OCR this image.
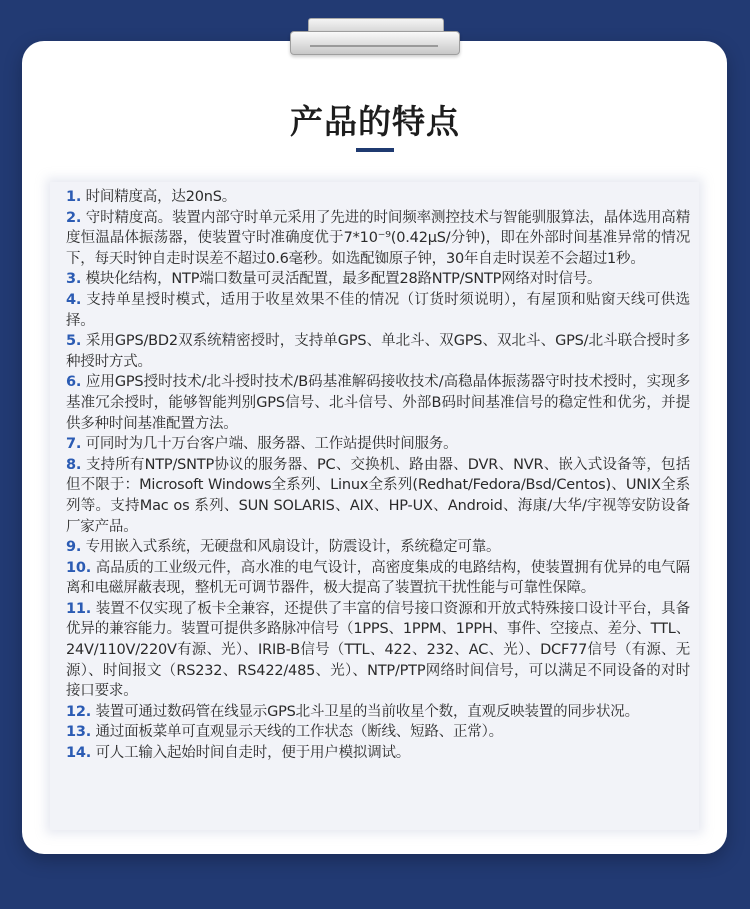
产品的特点
1. 时间精度高，达20nS。
2. 守时精度高。装置内部守时单元采用了先进的时间频率测控技术与智能驯服算法，晶体选用高精度恒温晶体振荡器，使装置守时准确度优于7*10⁻⁹(0.42μS/分钟)，即在外部时间基准异常的情况下，每天时钟自走时误差不超过0.6毫秒。如选配铷原子钟，30年自走时误差不会超过1秒。
3. 模块化结构，NTP端口数量可灵活配置，最多配置28路NTP/SNTP网络对时信号。
4. 支持单星授时模式，适用于收星效果不佳的情况（订货时须说明），有屋顶和贴窗天线可供选择。
5. 采用GPS/BD2双系统精密授时，支持单GPS、单北斗、双GPS、双北斗、GPS/北斗联合授时多种授时方式。
6. 应用GPS授时技术/北斗授时技术/B码基准解码接收技术/高稳晶体振荡器守时技术授时，实现多基准冗余授时，能够智能判别GPS信号、北斗信号、外部B码时间基准信号的稳定性和优劣，并提供多种时间基准配置方法。
7. 可同时为几十万台客户端、服务器、工作站提供时间服务。
8. 支持所有NTP/SNTP协议的服务器、PC、交换机、路由器、DVR、NVR、嵌入式设备等，包括但不限于：Microsoft Windows全系列、Linux全系列(Redhat/Fedora/Bsd/Centos)、UNIX全系列等。支持Mac os 系列、SUN SOLARIS、AIX、HP-UX、Android、海康/大华/宇视等安防设备厂家产品。
9. 专用嵌入式系统，无硬盘和风扇设计，防震设计，系统稳定可靠。
10. 高品质的工业级元件，高水准的电气设计，高密度集成的电路结构，使装置拥有优异的电气隔离和电磁屏蔽表现，整机无可调节器件，极大提高了装置抗干扰性能与可靠性保障。
11. 装置不仅实现了板卡全兼容，还提供了丰富的信号接口资源和开放式特殊接口设计平台，具备优异的兼容能力。装置可提供多路脉冲信号（1PPS、1PPM、1PPH、事件、空接点、差分、TTL、24V/110V/220V有源、光）、IRIB-B信号（TTL、422、232、AC、光）、DCF77信号（有源、无源）、时间报文（RS232、RS422/485、光）、NTP/PTP网络时间信号，可以满足不同设备的对时接口要求。
12. 装置可通过数码管在线显示GPS北斗卫星的当前收星个数，直观反映装置的同步状况。
13. 通过面板菜单可直观显示天线的工作状态（断线、短路、正常）。
14. 可人工输入起始时间自走时，便于用户模拟调试。
